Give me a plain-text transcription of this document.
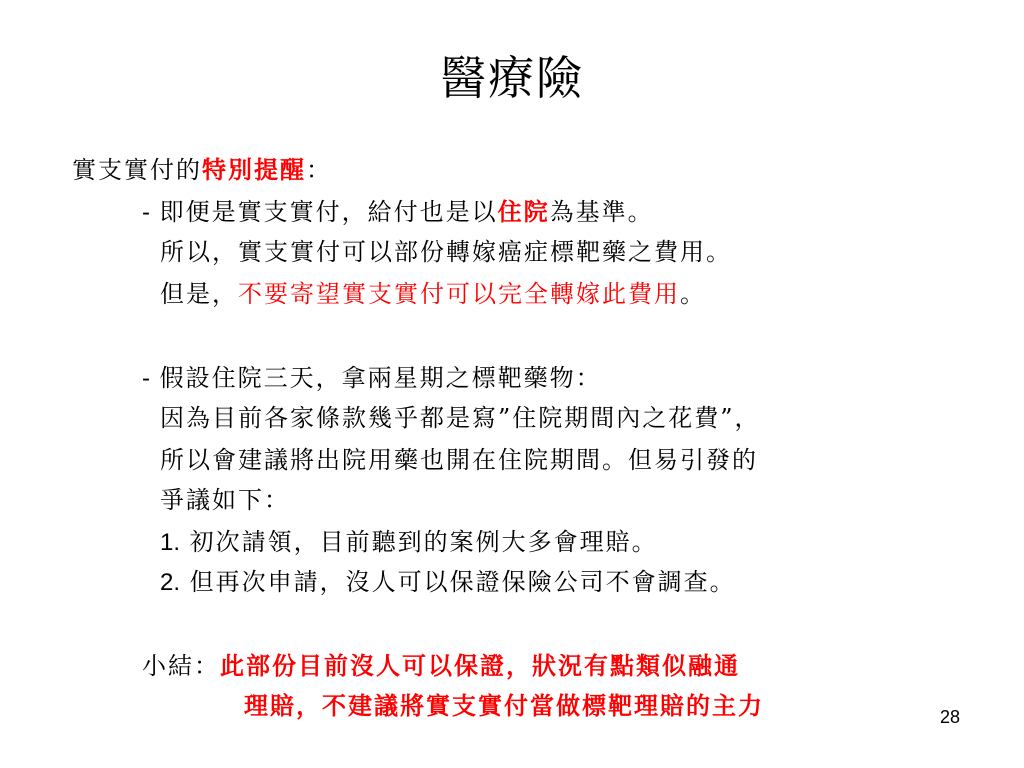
醫療險
實支實付的特別提醒：
- 即便是實支實付，給付也是以住院為基準。
所以，實支實付可以部份轉嫁癌症標靶藥之費用。
但是，不要寄望實支實付可以完全轉嫁此費用。
- 假設住院三天，拿兩星期之標靶藥物：
因為目前各家條款幾乎都是寫”住院期間內之花費”，
所以會建議將出院用藥也開在住院期間。但易引發的
爭議如下：
1. 初次請領，目前聽到的案例大多會理賠。
2. 但再次申請，沒人可以保證保險公司不會調查。
小結：此部份目前沒人可以保證，狀況有點類似融通
理賠，不建議將實支實付當做標靶理賠的主力	28
